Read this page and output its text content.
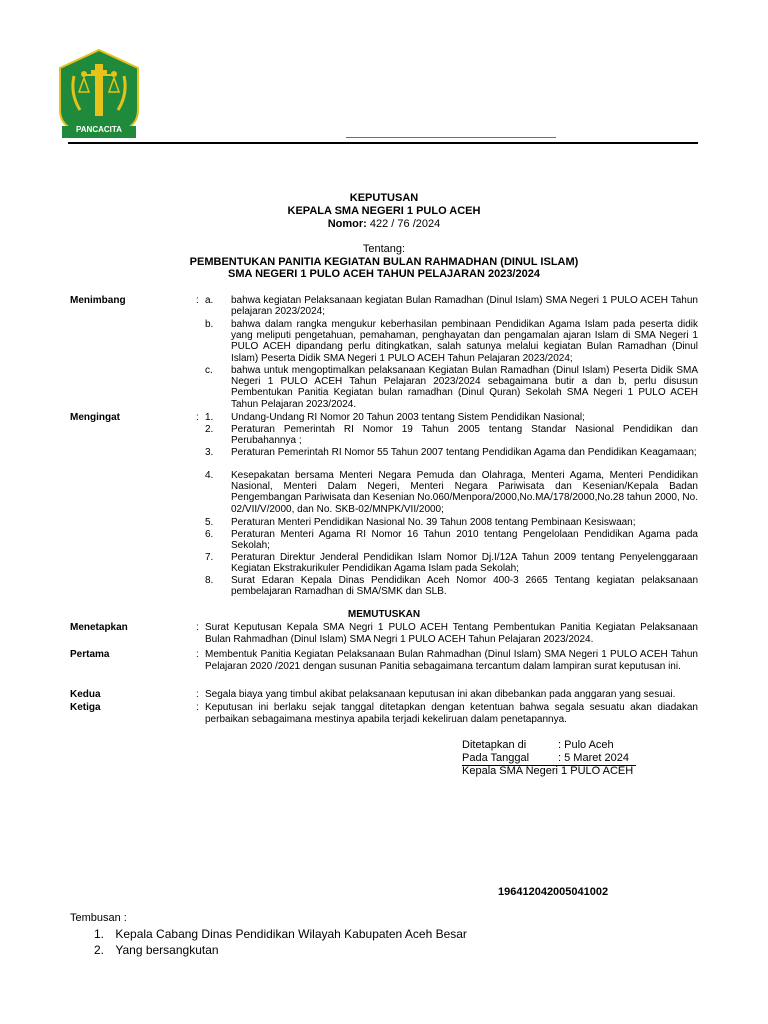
PANCACITA
KEPUTUSAN
KEPALA SMA NEGERI 1 PULO ACEH
Nomor: 422 / 76 /2024
Tentang:
PEMBENTUKAN PANITIA KEGIATAN BULAN RAHMADHAN (DINUL ISLAM)
SMA NEGERI 1 PULO ACEH TAHUN PELAJARAN 2023/2024
Menimbang	: a. bahwa kegiatan Pelaksanaan kegiatan Bulan Ramadhan (Dinul Islam) SMA Negeri 1 PULO ACEH Tahun pelajaran 2023/2024;
b. bahwa dalam rangka mengukur keberhasilan pembinaan Pendidikan Agama Islam pada peserta didik yang meliputi pengetahuan, pemahaman, penghayatan dan pengamalan ajaran Islam di SMA Negeri 1 PULO ACEH dipandang perlu ditingkatkan, salah satunya melalui kegiatan Bulan Ramadhan (Dinul Islam) Peserta Didik SMA Negeri 1 PULO ACEH Tahun Pelajaran 2023/2024;
c. bahwa untuk mengoptimalkan pelaksanaan Kegiatan Bulan Ramadhan (Dinul Islam) Peserta Didik SMA Negeri 1 PULO ACEH Tahun Pelajaran 2023/2024 sebagaimana butir a dan b, perlu disusun Pembentukan Panitia Kegiatan bulan ramadhan (Dinul Quran) Sekolah SMA Negeri 1 PULO ACEH Tahun Pelajaran 2023/2024.
Mengingat	: 1. Undang-Undang RI Nomor 20 Tahun 2003 tentang Sistem Pendidikan Nasional;
2. Peraturan Pemerintah RI Nomor 19 Tahun 2005 tentang Standar Nasional Pendidikan dan Perubahannya ;
3. Peraturan Pemerintah RI Nomor 55 Tahun 2007 tentang Pendidikan Agama dan Pendidikan Keagamaan;
4. Kesepakatan bersama Menteri Negara Pemuda dan Olahraga, Menteri Agama, Menteri Pendidikan Nasional, Menteri Dalam Negeri, Menteri Negara Pariwisata dan Kesenian/Kepala Badan Pengembangan Pariwisata dan Kesenian No.060/Menpora/2000,No.MA/178/2000,No.28 tahun 2000, No. 02/VII/V/2000, dan No. SKB-02/MNPK/VII/2000;
5. Peraturan Menteri Pendidikan Nasional No. 39 Tahun 2008 tentang Pembinaan Kesiswaan;
6. Peraturan Menteri Agama RI Nomor 16 Tahun 2010 tentang Pengelolaan Pendidikan Agama pada Sekolah;
7. Peraturan Direktur Jenderal Pendidikan Islam Nomor Dj.I/12A Tahun 2009 tentang Penyelenggaraan Kegiatan Ekstrakurikuler Pendidikan Agama Islam pada Sekolah;
8. Surat Edaran Kepala Dinas Pendidikan Aceh Nomor 400-3 2665 Tentang kegiatan pelaksanaan pembelajaran Ramadhan di SMA/SMK dan SLB.
MEMUTUSKAN
Menetapkan	: Surat Keputusan Kepala SMA Negri 1 PULO ACEH Tentang Pembentukan Panitia Kegiatan Pelaksanaan Bulan Rahmadhan (Dinul Islam) SMA Negri 1 PULO ACEH Tahun Pelajaran 2023/2024.
Pertama	: Membentuk Panitia Kegiatan Pelaksanaan Bulan Rahmadhan (Dinul Islam) SMA Negeri 1 PULO ACEH Tahun Pelajaran 2020 /2021 dengan susunan Panitia sebagaimana tercantum dalam lampiran surat keputusan ini.
Kedua	: Segala biaya yang timbul akibat pelaksanaan keputusan ini akan dibebankan pada anggaran yang sesuai.
Ketiga	: Keputusan ini berlaku sejak tanggal ditetapkan dengan ketentuan bahwa segala sesuatu akan diadakan perbaikan sebagaimana mestinya apabila terjadi kekeliruan dalam penetapannya.
Ditetapkan di	: Pulo Aceh
Pada Tanggal	: 5 Maret 2024
Kepala SMA Negeri 1 PULO ACEH
196412042005041002
Tembusan :
1. Kepala Cabang Dinas Pendidikan Wilayah Kabupaten Aceh Besar
2. Yang bersangkutan
